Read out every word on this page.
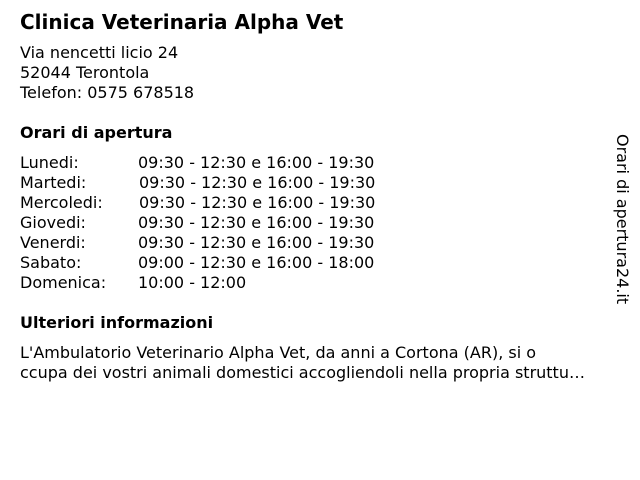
Clinica Veterinaria Alpha Vet
Via nencetti licio 24
52044 Terontola
Telefon: 0575 678518
Orari di apertura
Lunedi:	09:30 - 12:30 e 16:00 - 19:30
Martedi:	09:30 - 12:30 e 16:00 - 19:30
Mercoledi: 09:30 - 12:30 e 16:00 - 19:30
Giovedi:	09:30 - 12:30 e 16:00 - 19:30
Venerdi:	09:30 - 12:30 e 16:00 - 19:30
Sabato:	09:00 - 12:30 e 16:00 - 18:00
Domenica: 10:00 - 12:00
Ulteriori informazioni
L'Ambulatorio Veterinario Alpha Vet, da anni a Cortona (AR), si o
ccupa dei vostri animali domestici accogliendoli nella propria struttu…
Orari di apertura24.it
